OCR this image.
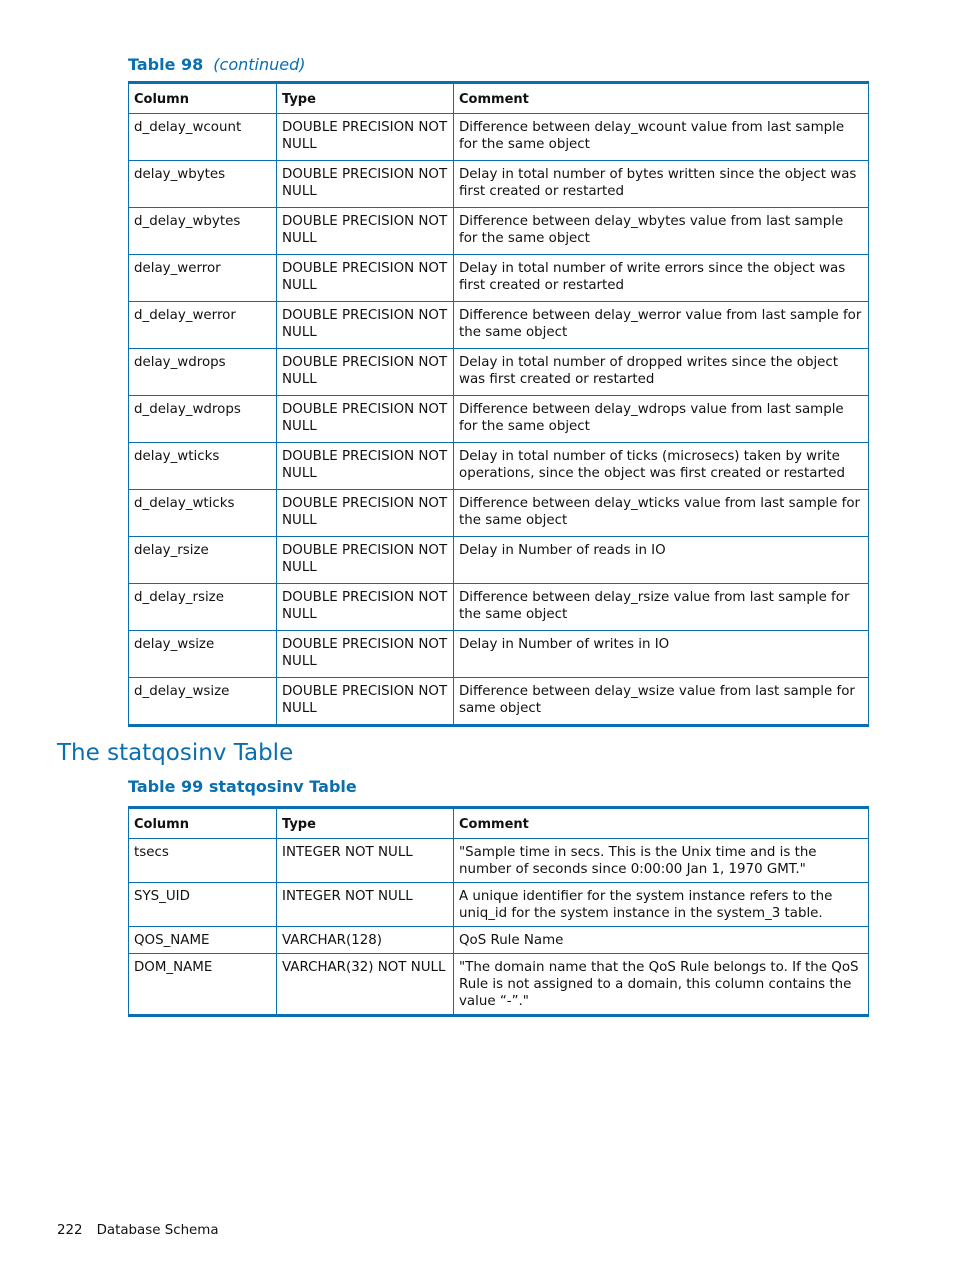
Table 98 (continued)
Column	Type	Comment
d_delay_wcount	DOUBLE PRECISION NOT NULL	Difference between delay_wcount value from last sample for the same object
delay_wbytes	DOUBLE PRECISION NOT NULL	Delay in total number of bytes written since the object was first created or restarted
d_delay_wbytes	DOUBLE PRECISION NOT NULL	Difference between delay_wbytes value from last sample for the same object
delay_werror	DOUBLE PRECISION NOT NULL	Delay in total number of write errors since the object was first created or restarted
d_delay_werror	DOUBLE PRECISION NOT NULL	Difference between delay_werror value from last sample for the same object
delay_wdrops	DOUBLE PRECISION NOT NULL	Delay in total number of dropped writes since the object was first created or restarted
d_delay_wdrops	DOUBLE PRECISION NOT NULL	Difference between delay_wdrops value from last sample for the same object
delay_wticks	DOUBLE PRECISION NOT NULL	Delay in total number of ticks (microsecs) taken by write operations, since the object was first created or restarted
d_delay_wticks	DOUBLE PRECISION NOT NULL	Difference between delay_wticks value from last sample for the same object
delay_rsize	DOUBLE PRECISION NOT NULL	Delay in Number of reads in IO
d_delay_rsize	DOUBLE PRECISION NOT NULL	Difference between delay_rsize value from last sample for the same object
delay_wsize	DOUBLE PRECISION NOT NULL	Delay in Number of writes in IO
d_delay_wsize	DOUBLE PRECISION NOT NULL	Difference between delay_wsize value from last sample for same object
The statqosinv Table
Table 99 statqosinv Table
Column	Type	Comment
tsecs	INTEGER NOT NULL	"Sample time in secs. This is the Unix time and is the number of seconds since 0:00:00 Jan 1, 1970 GMT."
SYS_UID	INTEGER NOT NULL	A unique identifier for the system instance refers to the uniq_id for the system instance in the system_3 table.
QOS_NAME	VARCHAR(128)	QoS Rule Name
DOM_NAME	VARCHAR(32) NOT NULL	"The domain name that the QoS Rule belongs to. If the QoS Rule is not assigned to a domain, this column contains the value “-”."
222 Database Schema
